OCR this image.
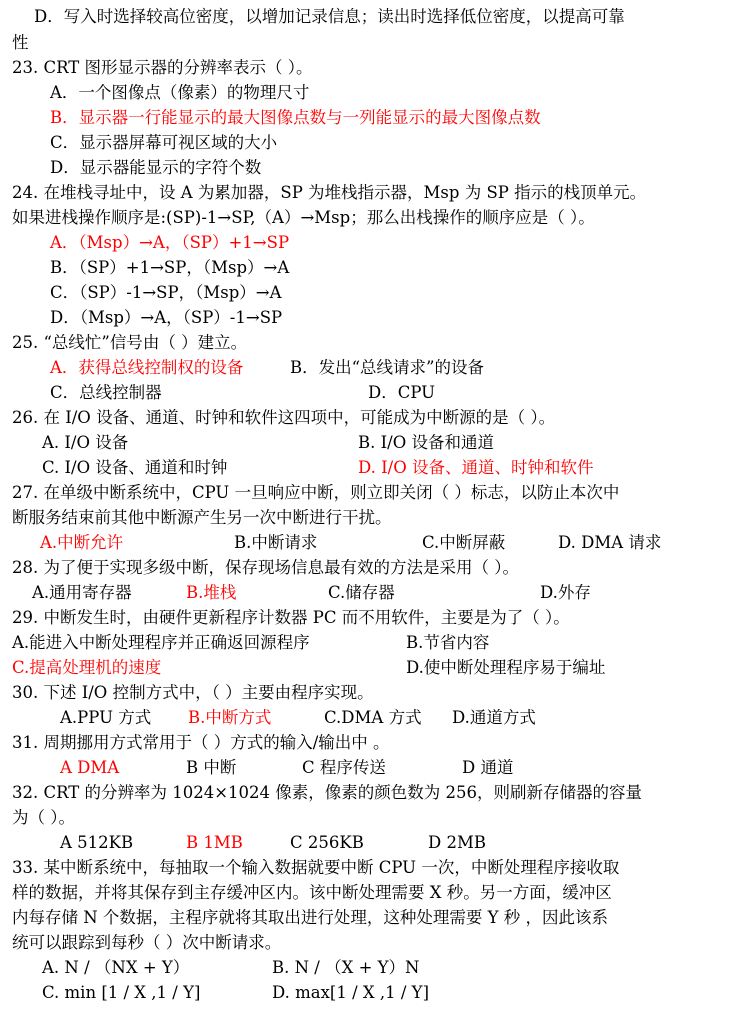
D．写入时选择较高位密度，以增加记录信息；读出时选择低位密度，以提高可靠
性
23. CRT 图形显示器的分辨率表示（ ）。
A．一个图像点（像素）的物理尺寸
B．显示器一行能显示的最大图像点数与一列能显示的最大图像点数
C．显示器屏幕可视区域的大小
D．显示器能显示的字符个数
24. 在堆栈寻址中，设 A 为累加器，SP 为堆栈指示器，Msp 为 SP 指示的栈顶单元。
如果进栈操作顺序是:(SP)-1→SP,（A）→Msp；那么出栈操作的顺序应是（ ）。
A．（Msp）→A，（SP）+1→SP
B．（SP）+1→SP，（Msp）→A
C．（SP）-1→SP，（Msp）→A
D．（Msp）→A，（SP）-1→SP
25. “总线忙”信号由（ ）建立。
A．获得总线控制权的设备	B．发出“总线请求”的设备
C．总线控制器	D．CPU
26. 在 I/O 设备、通道、时钟和软件这四项中，可能成为中断源的是（ ）。
A. I/O 设备	B. I/O 设备和通道
C. I/O 设备、通道和时钟	D. I/O 设备、通道、时钟和软件
27. 在单级中断系统中，CPU 一旦响应中断，则立即关闭（ ）标志，以防止本次中
断服务结束前其他中断源产生另一次中断进行干扰。
A.中断允许	B.中断请求	C.中断屏蔽	D. DMA 请求
28. 为了便于实现多级中断，保存现场信息最有效的方法是采用（ ）。
A.通用寄存器	B.堆栈	C.储存器	D.外存
29. 中断发生时，由硬件更新程序计数器 PC 而不用软件，主要是为了（ ）。
A.能进入中断处理程序并正确返回源程序	B.节省内容
C.提高处理机的速度	D.使中断处理程序易于编址
30. 下述 I/O 控制方式中，（ ）主要由程序实现。
A.PPU 方式 B.中断方式	C.DMA 方式 D.通道方式
31. 周期挪用方式常用于（ ）方式的输入/输出中 。
A DMA	B 中断	C 程序传送	D 通道
32. CRT 的分辨率为 1024×1024 像素，像素的颜色数为 256，则刷新存储器的容量
为（ ）。
A 512KB	B 1MB	C 256KB	D 2MB
33. 某中断系统中，每抽取一个输入数据就要中断 CPU 一次，中断处理程序接收取
样的数据，并将其保存到主存缓冲区内。该中断处理需要 X 秒。另一方面，缓冲区
内每存储 N 个数据，主程序就将其取出进行处理，这种处理需要 Y 秒 ，因此该系
统可以跟踪到每秒（ ）次中断请求。
A. N / （NX + Y）	B. N / （X + Y）N
C. min [1 / X ,1 / Y]	D. max[1 / X ,1 / Y]
